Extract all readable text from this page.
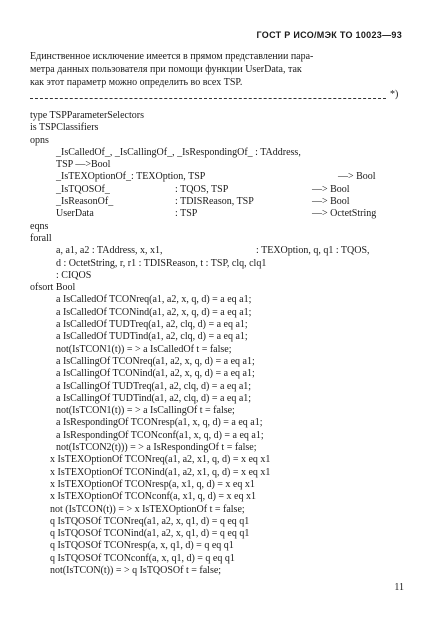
ГОСТ Р ИСО/МЭК ТО 10023—93
Единственное исключение имеется в прямом представлении пара-
метра данных пользователя при помощи функции UserData, так
как этот параметр можно определить во всех TSP.
*)
type TSPParameterSelectors
is TSPClassifiers
opns
_IsCalledOf_, _IsCallingOf_, _IsRespondingOf_ : TAddress,
TSP —>Bool
_IsTEXOptionOf_: TEXOption, TSP	—> Bool
_IsTQOSOf_	: TQOS, TSP	—> Bool
_IsReasonOf_	: TDISReason, TSP	—> Bool
UserData	: TSP	—> OctetString
eqns
forall
a, a1, a2 : TAddress, x, x1,	: TEXOption, q, q1 : TQOS,
d : OctetString, r, r1 : TDISReason, t : TSP, clq, clq1
: CIQOS
ofsort Bool
a IsCalledOf TCONreq(a1, a2, x, q, d) = a eq a1;
a IsCalledOf TCONind(a1, a2, x, q, d) = a eq a1;
a IsCalledOf TUDTreq(a1, a2, clq, d) = a eq a1;
a IsCalledOf TUDTind(a1, a2, clq, d) = a eq a1;
not(IsTCON1(t)) = > a IsCalledOf t = false;
a IsCallingOf TCONreq(a1, a2, x, q, d) = a eq a1;
a IsCallingOf TCONind(a1, a2, x, q, d) = a eq a1;
a IsCallingOf TUDTreq(a1, a2, clq, d) = a eq a1;
a IsCallingOf TUDTind(a1, a2, clq, d) = a eq a1;
not(IsTCON1(t)) = > a IsCallingOf t = false;
a IsRespondingOf TCONresp(a1, x, q, d) = a eq a1;
a IsRespondingOf TCONconf(a1, x, q, d) = a eq a1;
not(IsTCON2(t))) = > a IsRespondingOf t = false;
x IsTEXOptionOf TCONreq(a1, a2, x1, q, d) = x eq x1
x IsTEXOptionOf TCONind(a1, a2, x1, q, d) = x eq x1
x IsTEXOptionOf TCONresp(a, x1, q, d) = x eq x1
x IsTEXOptionOf TCONconf(a, x1, q, d) = x eq x1
not (IsTCON(t)) = > x IsTEXOptionOf t = false;
q IsTQOSOf TCONreq(a1, a2, x, q1, d) = q eq q1
q IsTQOSOf TCONind(a1, a2, x, q1, d) = q eq q1
q IsTQOSOf TCONresp(a, x, q1, d) = q eq q1
q IsTQOSOf TCONconf(a, x, q1, d) = q eq q1
not(IsTCON(t)) = > q IsTQOSOf t = false;
11
